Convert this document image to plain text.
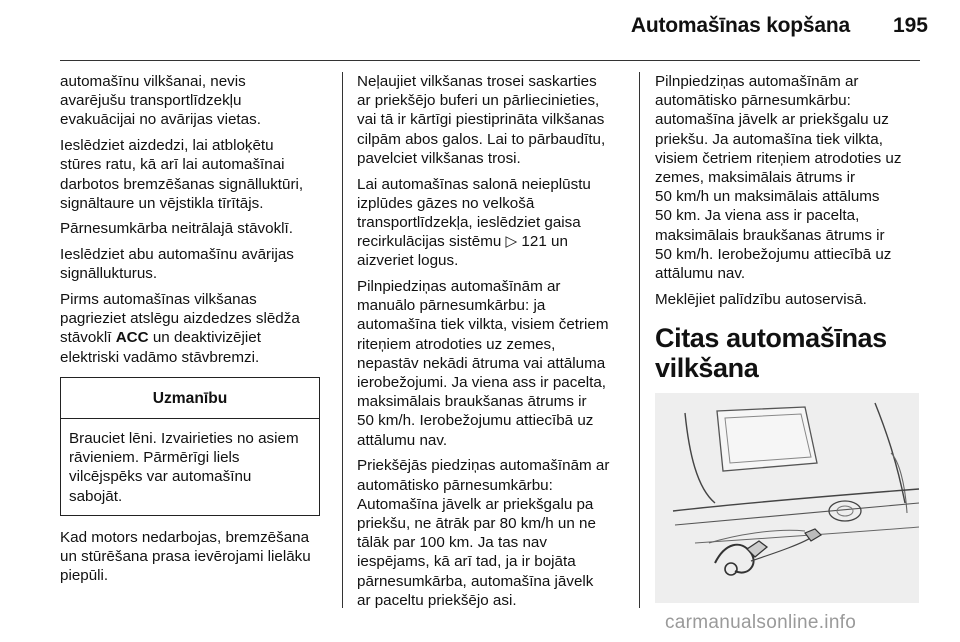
Automašīnas kopšana	195

automašīnu vilkšanai, nevis
avarējušu transportlīdzekļu
evakuācijai no avārijas vietas.

Ieslēdziet aizdedzi, lai atbloķētu
stūres ratu, kā arī lai automašīnai
darbotos bremzēšanas signālluktūri,
signāltaure un vējstikla tīrītājs.

Pārnesumkārba neitrālajā stāvoklī.

Ieslēdziet abu automašīnu avārijas
signāllukturus.

Pirms automašīnas vilkšanas
pagrieziet atslēgu aizdedzes slēdža
stāvoklī ACC un deaktivizējiet
elektriski vadāmo stāvbremzi.

Uzmanību
Brauciet lēni. Izvairieties no asiem
rāvieniem. Pārmērīgi liels
vilcējspēks var automašīnu
sabojāt.

Kad motors nedarbojas, bremzēšana
un stūrēšana prasa ievērojami lielāku
piepūli.

Neļaujiet vilkšanas trosei saskarties
ar priekšējo buferi un pārliecinieties,
vai tā ir kārtīgi piestiprināta vilkšanas
cilpām abos galos. Lai to pārbaudītu,
pavelciet vilkšanas trosi.

Lai automašīnas salonā neieplūstu
izplūdes gāzes no velkošā
transportlīdzekļa, ieslēdziet gaisa
recirkulācijas sistēmu ▷ 121 un
aizveriet logus.

Pilnpiedziņas automašīnām ar
manuālo pārnesumkārbu: ja
automašīna tiek vilkta, visiem četriem
riteņiem atrodoties uz zemes,
nepastāv nekādi ātruma vai attāluma
ierobežojumi. Ja viena ass ir pacelta,
maksimālais braukšanas ātrums ir
50 km/h. Ierobežojumu attiecībā uz
attālumu nav.

Priekšējās piedziņas automašīnām ar
automātisko pārnesumkārbu:
Automašīna jāvelk ar priekšgalu pa
priekšu, ne ātrāk par 80 km/h un ne
tālāk par 100 km. Ja tas nav
iespējams, kā arī tad, ja ir bojāta
pārnesumkārba, automašīna jāvelk
ar paceltu priekšējo asi.

Pilnpiedziņas automašīnām ar
automātisko pārnesumkārbu:
automašīna jāvelk ar priekšgalu uz
priekšu. Ja automašīna tiek vilkta,
visiem četriem riteņiem atrodoties uz
zemes, maksimālais ātrums ir
50 km/h un maksimālais attālums
50 km. Ja viena ass ir pacelta,
maksimālais braukšanas ātrums ir
50 km/h. Ierobežojumu attiecībā uz
attālumu nav.

Meklējiet palīdzību autoservisā.

Citas automašīnas
vilkšana
carmanualsonline.info
